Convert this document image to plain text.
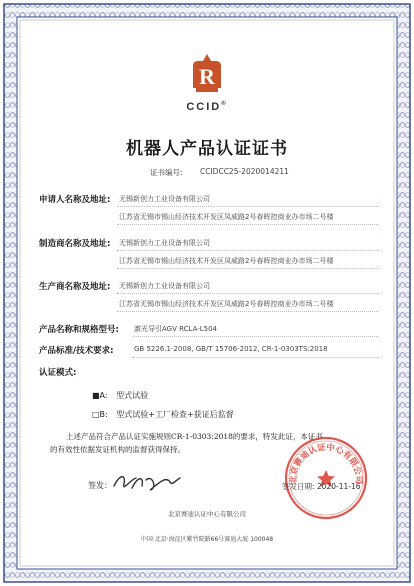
R
CCID®
机器人产品认证证书
证书编号: CCIDCC25-2020014211
申请人名称及地址: 无锡新创力工业设备有限公司
江苏省无锡市锡山经济技术开发区凤威路2号春晖控商业办市场二号楼
制造商名称及地址: 无锡新创力工业设备有限公司
江苏省无锡市锡山经济技术开发区凤威路2号春晖控商业办市场二号楼
生产商名称及地址: 无锡新创力工业设备有限公司
江苏省无锡市锡山经济技术开发区凤威路2号春晖控商业办市场二号楼
产品名称和规格型号: 激光导引AGV RCLA-L504
产品标准/技术要求:	GB 5226.1-2008, GB/T 15706-2012, CR-1-0303TS:2018
认证模式:
■A: 型式试验
□B: 型式试验+工厂检查+获证后监督
上述产品符合产品认证实施规则CR-1-0303:2018的要求，特发此证，本证书
的有效性依据发证机构的监督获得保持。
签发：
北京赛迪认证中心有限公司
签发日期: 2020-11-16
北京赛迪认证中心有限公司
中国·北京·海淀区紫竹院路66号赛迪大厦 100048
